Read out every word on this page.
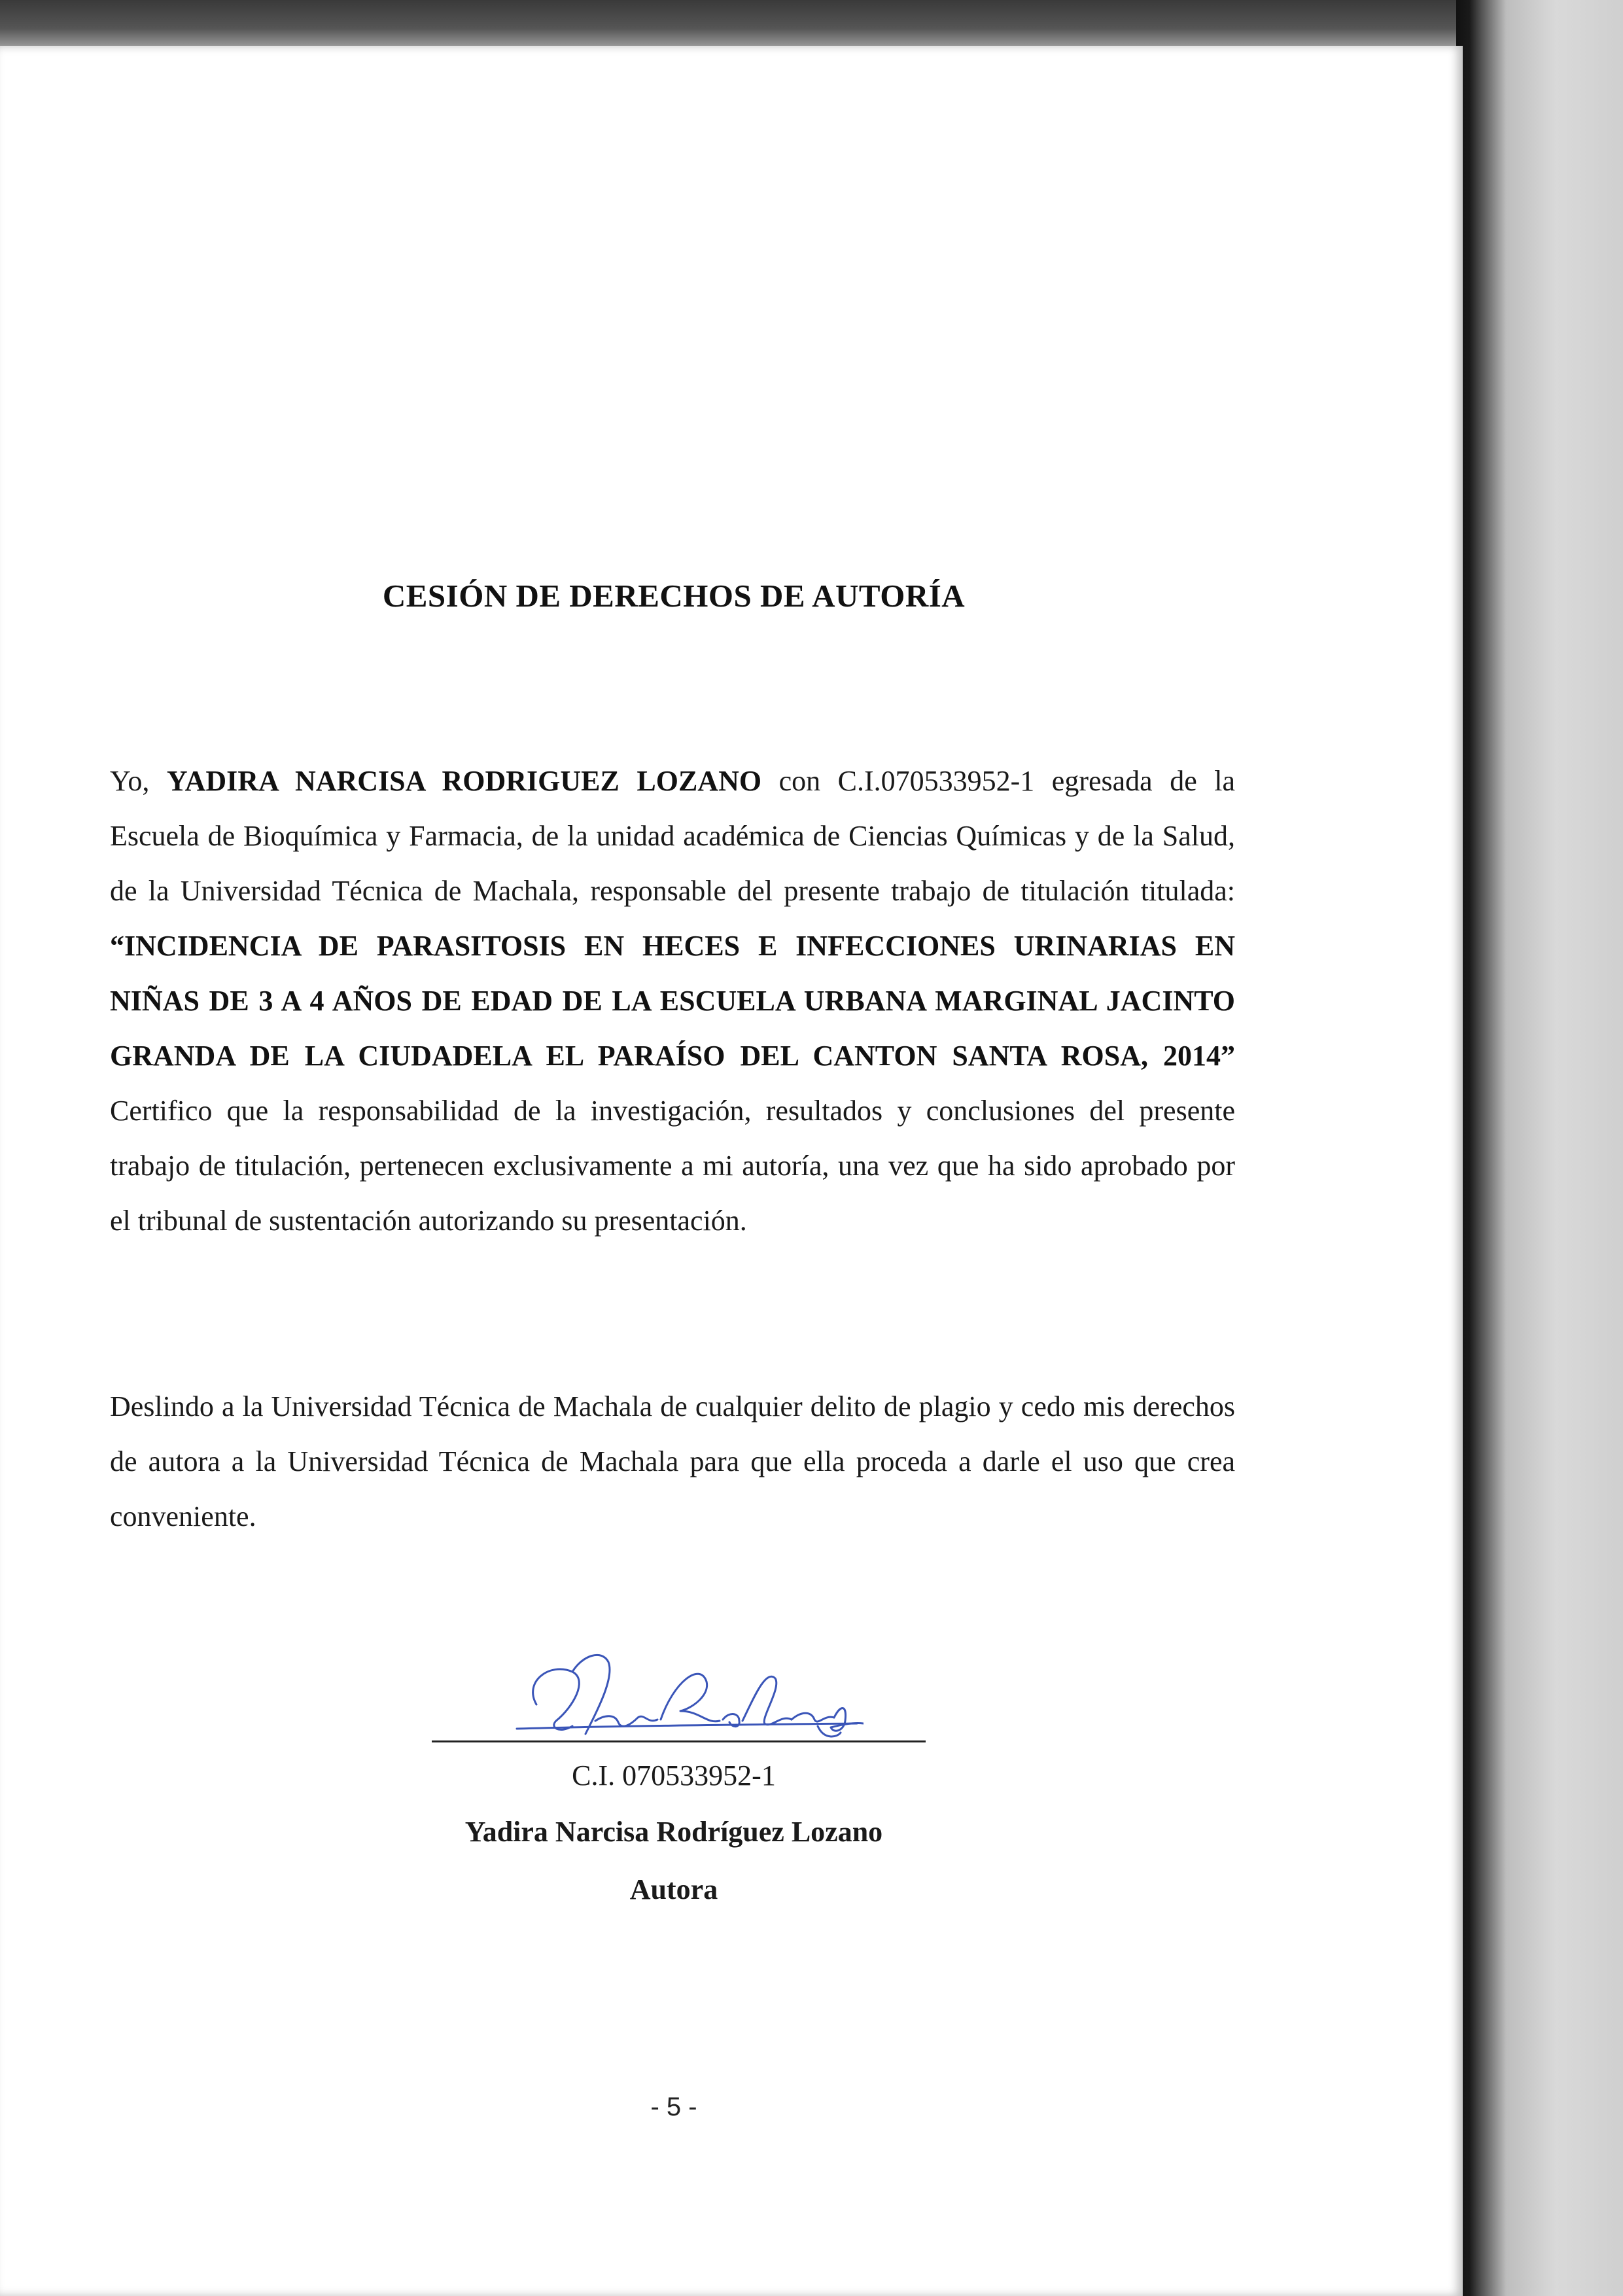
CESIÓN DE DERECHOS DE AUTORÍA
Yo, YADIRA NARCISA RODRIGUEZ LOZANO con C.I.070533952-1 egresada de la Escuela de Bioquímica y Farmacia, de la unidad académica de Ciencias Químicas y de la Salud, de la Universidad Técnica de Machala, responsable del presente trabajo de titulación titulada: “INCIDENCIA DE PARASITOSIS EN HECES E INFECCIONES URINARIAS EN NIÑAS DE 3 A 4 AÑOS DE EDAD DE LA ESCUELA URBANA MARGINAL JACINTO GRANDA DE LA CIUDADELA EL PARAÍSO DEL CANTON SANTA ROSA, 2014” Certifico que la responsabilidad de la investigación, resultados y conclusiones del presente trabajo de titulación, pertenecen exclusivamente a mi autoría, una vez que ha sido aprobado por el tribunal de sustentación autorizando su presentación.
Deslindo a la Universidad Técnica de Machala de cualquier delito de plagio y cedo mis derechos de autora a la Universidad Técnica de Machala para que ella proceda a darle el uso que crea conveniente.
C.I. 070533952-1
Yadira Narcisa Rodríguez Lozano
Autora
- 5 -
